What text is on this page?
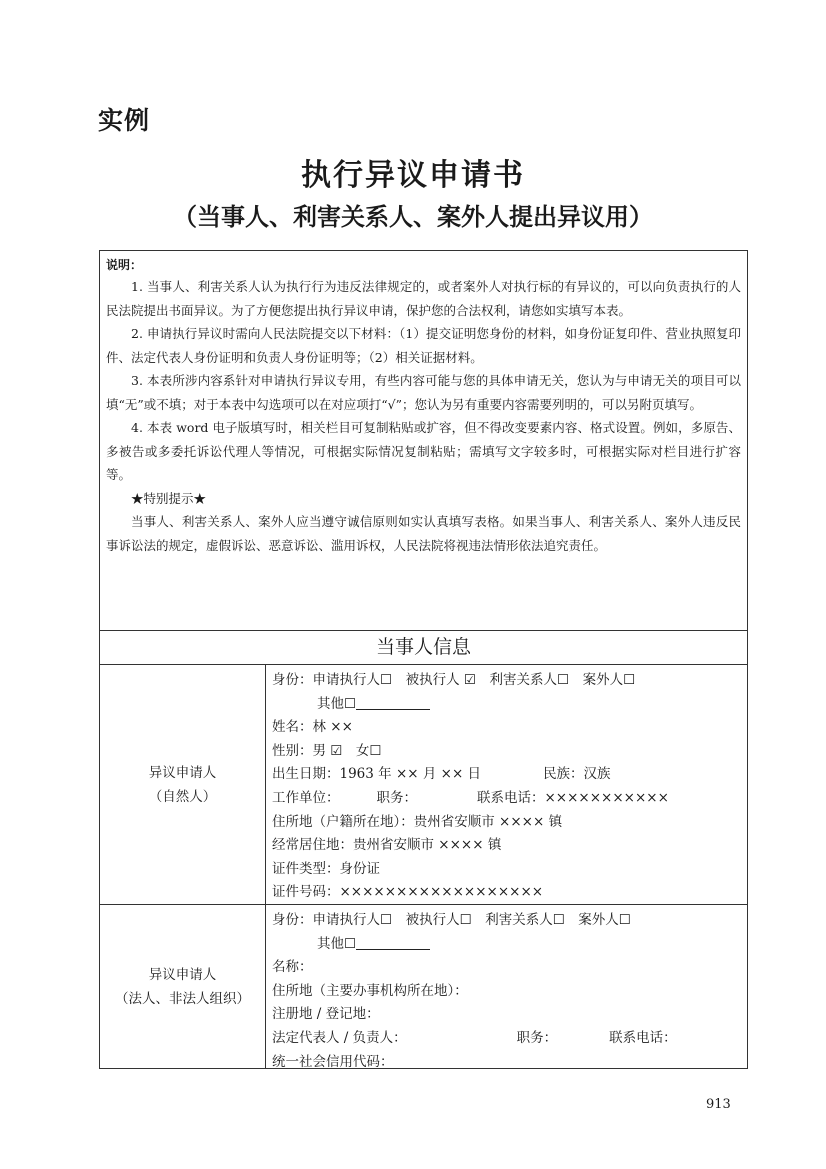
实例
执行异议申请书
（当事人、利害关系人、案外人提出异议用）
说明：

1. 当事人、利害关系人认为执行行为违反法律规定的，或者案外人对执行标的有异议的，可以向负责执行的人民法院提出书面异议。为了方便您提出执行异议申请，保护您的合法权利，请您如实填写本表。

2. 申请执行异议时需向人民法院提交以下材料：（1）提交证明您身份的材料，如身份证复印件、营业执照复印件、法定代表人身份证明和负责人身份证明等；（2）相关证据材料。

3. 本表所涉内容系针对申请执行异议专用，有些内容可能与您的具体申请无关，您认为与申请无关的项目可以填“无”或不填；对于本表中勾选项可以在对应项打“√”；您认为另有重要内容需要列明的，可以另附页填写。

4. 本表 word 电子版填写时，相关栏目可复制粘贴或扩容，但不得改变要素内容、格式设置。例如，多原告、多被告或多委托诉讼代理人等情况，可根据实际情况复制粘贴；需填写文字较多时，可根据实际对栏目进行扩容等。

★特别提示★

当事人、利害关系人、案外人应当遵守诚信原则如实认真填写表格。如果当事人、利害关系人、案外人违反民事诉讼法的规定，虚假诉讼、恶意诉讼、滥用诉权，人民法院将视违法情形依法追究责任。

当事人信息
异议申请人
（自然人）
身份：申请执行人☐　被执行人 ☑　利害关系人☐　案外人☐
其他☐
姓名：林 ××
性别：男 ☑　女☐
出生日期：1963 年 ×× 月 ×× 日	民族：汉族
工作单位：	职务：	联系电话：×××××××××××
住所地（户籍所在地）：贵州省安顺市 ×××× 镇
经常居住地：贵州省安顺市 ×××× 镇
证件类型：身份证
证件号码：××××××××××××××××××
异议申请人
（法人、非法人组织）
身份：申请执行人☐　被执行人☐　利害关系人☐　案外人☐
其他☐
名称：
住所地（主要办事机构所在地）：
注册地 / 登记地：
法定代表人 / 负责人：	职务：	联系电话：
统一社会信用代码：
913
